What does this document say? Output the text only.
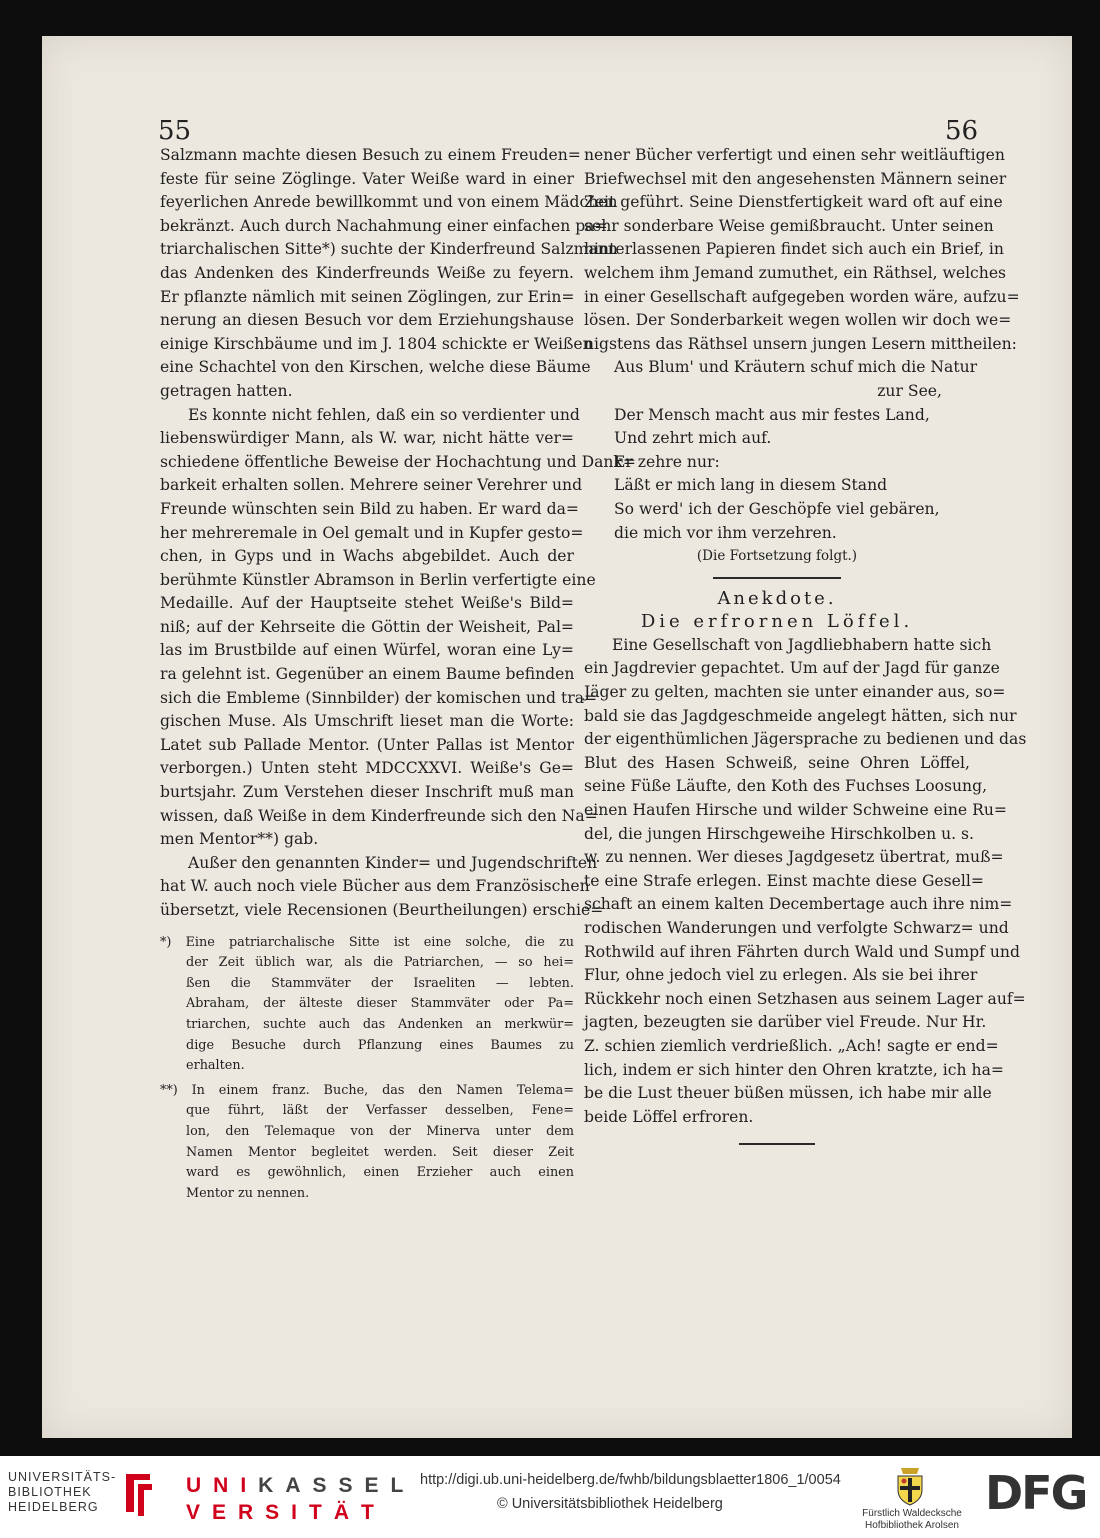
55	56
Salzmann machte diesen Besuch zu einem Freuden=
feste für seine Zöglinge. Vater Weiße ward in einer
feyerlichen Anrede bewillkommt und von einem Mädchen
bekränzt. Auch durch Nachahmung einer einfachen pa=
triarchalischen Sitte*) suchte der Kinderfreund Salzmann
das Andenken des Kinderfreunds Weiße zu feyern.
Er pflanzte nämlich mit seinen Zöglingen, zur Erin=
nerung an diesen Besuch vor dem Erziehungshause
einige Kirschbäume und im J. 1804 schickte er Weißen
eine Schachtel von den Kirschen, welche diese Bäume
getragen hatten.
Es konnte nicht fehlen, daß ein so verdienter und
liebenswürdiger Mann, als W. war, nicht hätte ver=
schiedene öffentliche Beweise der Hochachtung und Dank=
barkeit erhalten sollen. Mehrere seiner Verehrer und
Freunde wünschten sein Bild zu haben. Er ward da=
her mehreremale in Oel gemalt und in Kupfer gesto=
chen, in Gyps und in Wachs abgebildet. Auch der
berühmte Künstler Abramson in Berlin verfertigte eine
Medaille. Auf der Hauptseite stehet Weiße's Bild=
niß; auf der Kehrseite die Göttin der Weisheit, Pal=
las im Brustbilde auf einen Würfel, woran eine Ly=
ra gelehnt ist. Gegenüber an einem Baume befinden
sich die Embleme (Sinnbilder) der komischen und tra=
gischen Muse. Als Umschrift lieset man die Worte:
Latet sub Pallade Mentor. (Unter Pallas ist Mentor
verborgen.) Unten steht MDCCXXVI. Weiße's Ge=
burtsjahr. Zum Verstehen dieser Inschrift muß man
wissen, daß Weiße in dem Kinderfreunde sich den Na=
men Mentor**) gab.
Außer den genannten Kinder= und Jugendschriften
hat W. auch noch viele Bücher aus dem Französischen
übersetzt, viele Recensionen (Beurtheilungen) erschie=
*) Eine patriarchalische Sitte ist eine solche, die zu
der Zeit üblich war, als die Patriarchen, — so hei=
ßen die Stammväter der Israeliten — lebten.
Abraham, der älteste dieser Stammväter oder Pa=
triarchen, suchte auch das Andenken an merkwür=
dige Besuche durch Pflanzung eines Baumes zu
erhalten.
**) In einem franz. Buche, das den Namen Telema=
que führt, läßt der Verfasser desselben, Fene=
lon, den Telemaque von der Minerva unter dem
Namen Mentor begleitet werden. Seit dieser Zeit
ward es gewöhnlich, einen Erzieher auch einen
Mentor zu nennen.
nener Bücher verfertigt und einen sehr weitläuftigen
Briefwechsel mit den angesehensten Männern seiner
Zeit geführt. Seine Dienstfertigkeit ward oft auf eine
sehr sonderbare Weise gemißbraucht. Unter seinen
hinterlassenen Papieren findet sich auch ein Brief, in
welchem ihm Jemand zumuthet, ein Räthsel, welches
in einer Gesellschaft aufgegeben worden wäre, aufzu=
lösen. Der Sonderbarkeit wegen wollen wir doch we=
nigstens das Räthsel unsern jungen Lesern mittheilen:
Aus Blum' und Kräutern schuf mich die Natur
zur See,
Der Mensch macht aus mir festes Land,
Und zehrt mich auf.
Er zehre nur:
Läßt er mich lang in diesem Stand
So werd' ich der Geschöpfe viel gebären,
die mich vor ihm verzehren.
(Die Fortsetzung folgt.)
Anekdote.
Die erfrornen Löffel.
Eine Gesellschaft von Jagdliebhabern hatte sich
ein Jagdrevier gepachtet. Um auf der Jagd für ganze
Jäger zu gelten, machten sie unter einander aus, so=
bald sie das Jagdgeschmeide angelegt hätten, sich nur
der eigenthümlichen Jägersprache zu bedienen und das
Blut des Hasen Schweiß, seine Ohren Löffel,
seine Füße Läufte, den Koth des Fuchses Loosung,
einen Haufen Hirsche und wilder Schweine eine Ru=
del, die jungen Hirschgeweihe Hirschkolben u. s.
w. zu nennen. Wer dieses Jagdgesetz übertrat, muß=
te eine Strafe erlegen. Einst machte diese Gesell=
schaft an einem kalten Decembertage auch ihre nim=
rodischen Wanderungen und verfolgte Schwarz= und
Rothwild auf ihren Fährten durch Wald und Sumpf und
Flur, ohne jedoch viel zu erlegen. Als sie bei ihrer
Rückkehr noch einen Setzhasen aus seinem Lager auf=
jagten, bezeugten sie darüber viel Freude. Nur Hr.
Z. schien ziemlich verdrießlich. „Ach! sagte er end=
lich, indem er sich hinter den Ohren kratzte, ich ha=
be die Lust theuer büßen müssen, ich habe mir alle
beide Löffel erfroren.
UNIVERSITÄTS-
BIBLIOTHEK
HEIDELBERG
UNIKASSEL
VERSITÄT
http://digi.ub.uni-heidelberg.de/fwhb/bildungsblaetter1806_1/0054
© Universitätsbibliothek Heidelberg
Fürstlich Waldecksche
Hofbibliothek Arolsen
DFG
